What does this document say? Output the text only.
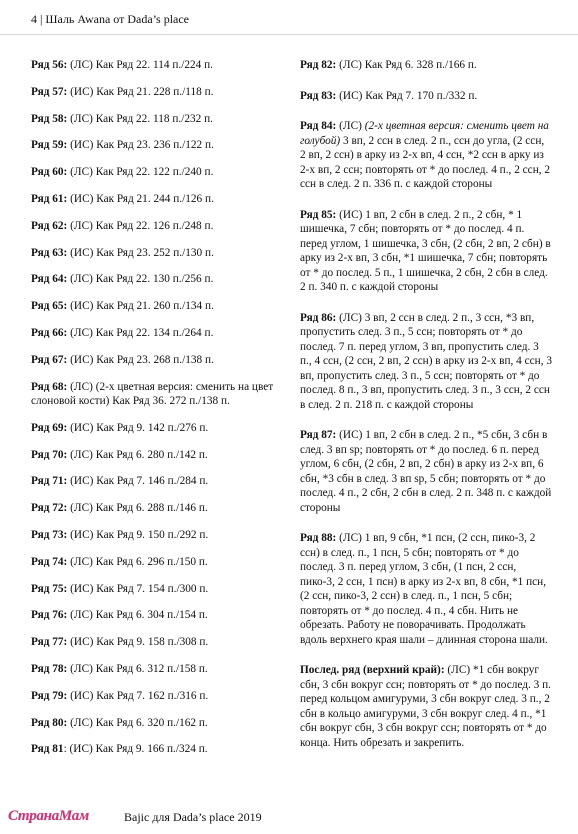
4 | Шаль Awana от Dada’s place

Ряд 56: (ЛС) Как Ряд 22. 114 п./224 п.

Ряд 57: (ИС) Как Ряд 21. 228 п./118 п.

Ряд 58: (ЛС) Как Ряд 22. 118 п./232 п.

Ряд 59: (ИС) Как Ряд 23. 236 п./122 п.

Ряд 60: (ЛС) Как Ряд 22. 122 п./240 п.

Ряд 61: (ИС) Как Ряд 21. 244 п./126 п.

Ряд 62: (ЛС) Как Ряд 22. 126 п./248 п.

Ряд 63: (ИС) Как Ряд 23. 252 п./130 п.

Ряд 64: (ЛС) Как Ряд 22. 130 п./256 п.

Ряд 65: (ИС) Как Ряд 21. 260 п./134 п.

Ряд 66: (ЛС) Как Ряд 22. 134 п./264 п.

Ряд 67: (ИС) Как Ряд 23. 268 п./138 п.

Ряд 68: (ЛС) (2-х цветная версия: сменить на цвет слоновой кости) Как Ряд 36. 272 п./138 п.

Ряд 69: (ИС) Как Ряд 9. 142 п./276 п.

Ряд 70: (ЛС) Как Ряд 6. 280 п./142 п.

Ряд 71: (ИС) Как Ряд 7. 146 п./284 п.

Ряд 72: (ЛС) Как Ряд 6. 288 п./146 п.

Ряд 73: (ИС) Как Ряд 9. 150 п./292 п.

Ряд 74: (ЛС) Как Ряд 6. 296 п./150 п.

Ряд 75: (ИС) Как Ряд 7. 154 п./300 п.

Ряд 76: (ЛС) Как Ряд 6. 304 п./154 п.

Ряд 77: (ИС) Как Ряд 9. 158 п./308 п.

Ряд 78: (ЛС) Как Ряд 6. 312 п./158 п.

Ряд 79: (ИС) Как Ряд 7. 162 п./316 п.

Ряд 80: (ЛС) Как Ряд 6. 320 п./162 п.

Ряд 81: (ИС) Как Ряд 9. 166 п./324 п.

Ряд 82: (ЛС) Как Ряд 6. 328 п./166 п.

Ряд 83: (ИС) Как Ряд 7. 170 п./332 п.

Ряд 84: (ЛС) (2-х цветная версия: сменить цвет на голубой) 3 вп, 2 ссн в след. 2 п., ссн до угла, (2 ссн, 2 вп, 2 ссн) в арку из 2-х вп, 4 ссн, *2 ссн в арку из 2-х вп, 2 ссн; повторять от * до послед. 4 п., 2 ссн, 2 ссн в след. 2 п. 336 п. с каждой стороны

Ряд 85: (ИС) 1 вп, 2 сбн в след. 2 п., 2 сбн, * 1 шишечка, 7 сбн; повторять от * до послед. 4 п. перед углом, 1 шишечка, 3 сбн, (2 сбн, 2 вп, 2 сбн) в арку из 2-х вп, 3 сбн, *1 шишечка, 7 сбн; повторять от * до послед. 5 п., 1 шишечка, 2 сбн, 2 сбн в след. 2 п. 340 п. с каждой стороны

Ряд 86: (ЛС) 3 вп, 2 ссн в след. 2 п., 3 ссн, *3 вп, пропустить след. 3 п., 5 ссн; повторять от * до послед. 7 п. перед углом, 3 вп, пропустить след. 3 п., 4 ссн, (2 ссн, 2 вп, 2 ссн) в арку из 2-х вп, 4 ссн, 3 вп, пропустить след. 3 п., 5 ссн; повторять от * до послед. 8 п., 3 вп, пропустить след. 3 п., 3 ссн, 2 ссн в след. 2 п. 218 п. с каждой стороны

Ряд 87: (ИС) 1 вп, 2 сбн в след. 2 п., *5 сбн, 3 сбн в след. 3 вп sp; повторять от * до послед. 6 п. перед углом, 6 сбн, (2 сбн, 2 вп, 2 сбн) в арку из 2-х вп, 6 сбн, *3 сбн в след. 3 вп sp, 5 сбн; повторять от * до послед. 4 п., 2 сбн, 2 сбн в след. 2 п. 348 п. с каждой стороны

Ряд 88: (ЛС) 1 вп, 9 сбн, *1 псн, (2 ссн, пико-3, 2 ссн) в след. п., 1 псн, 5 сбн; повторять от * до послед. 3 п. перед углом, 3 сбн, (1 псн, 2 ссн, пико-3, 2 ссн, 1 псн) в арку из 2-х вп, 8 сбн, *1 псн, (2 ссн, пико-3, 2 ссн) в след. п., 1 псн, 5 сбн; повторять от * до послед. 4 п., 4 сбн. Нить не обрезать. Работу не поворачивать. Продолжать вдоль верхнего края шали – длинная сторона шали.

Послед. ряд (верхний край): (ЛС) *1 сбн вокруг сбн, 3 сбн вокруг ссн; повторять от * до послед. 3 п. перед кольцом амигуруми, 3 сбн вокруг след. 3 п., 2 сбн в кольцо амигуруми, 3 сбн вокруг след. 4 п., *1 сбн вокруг сбн, 3 сбн вокруг ссн; повторять от * до конца. Нить обрезать и закрепить.

СтранаМам	Bajic для Dada’s place 2019
